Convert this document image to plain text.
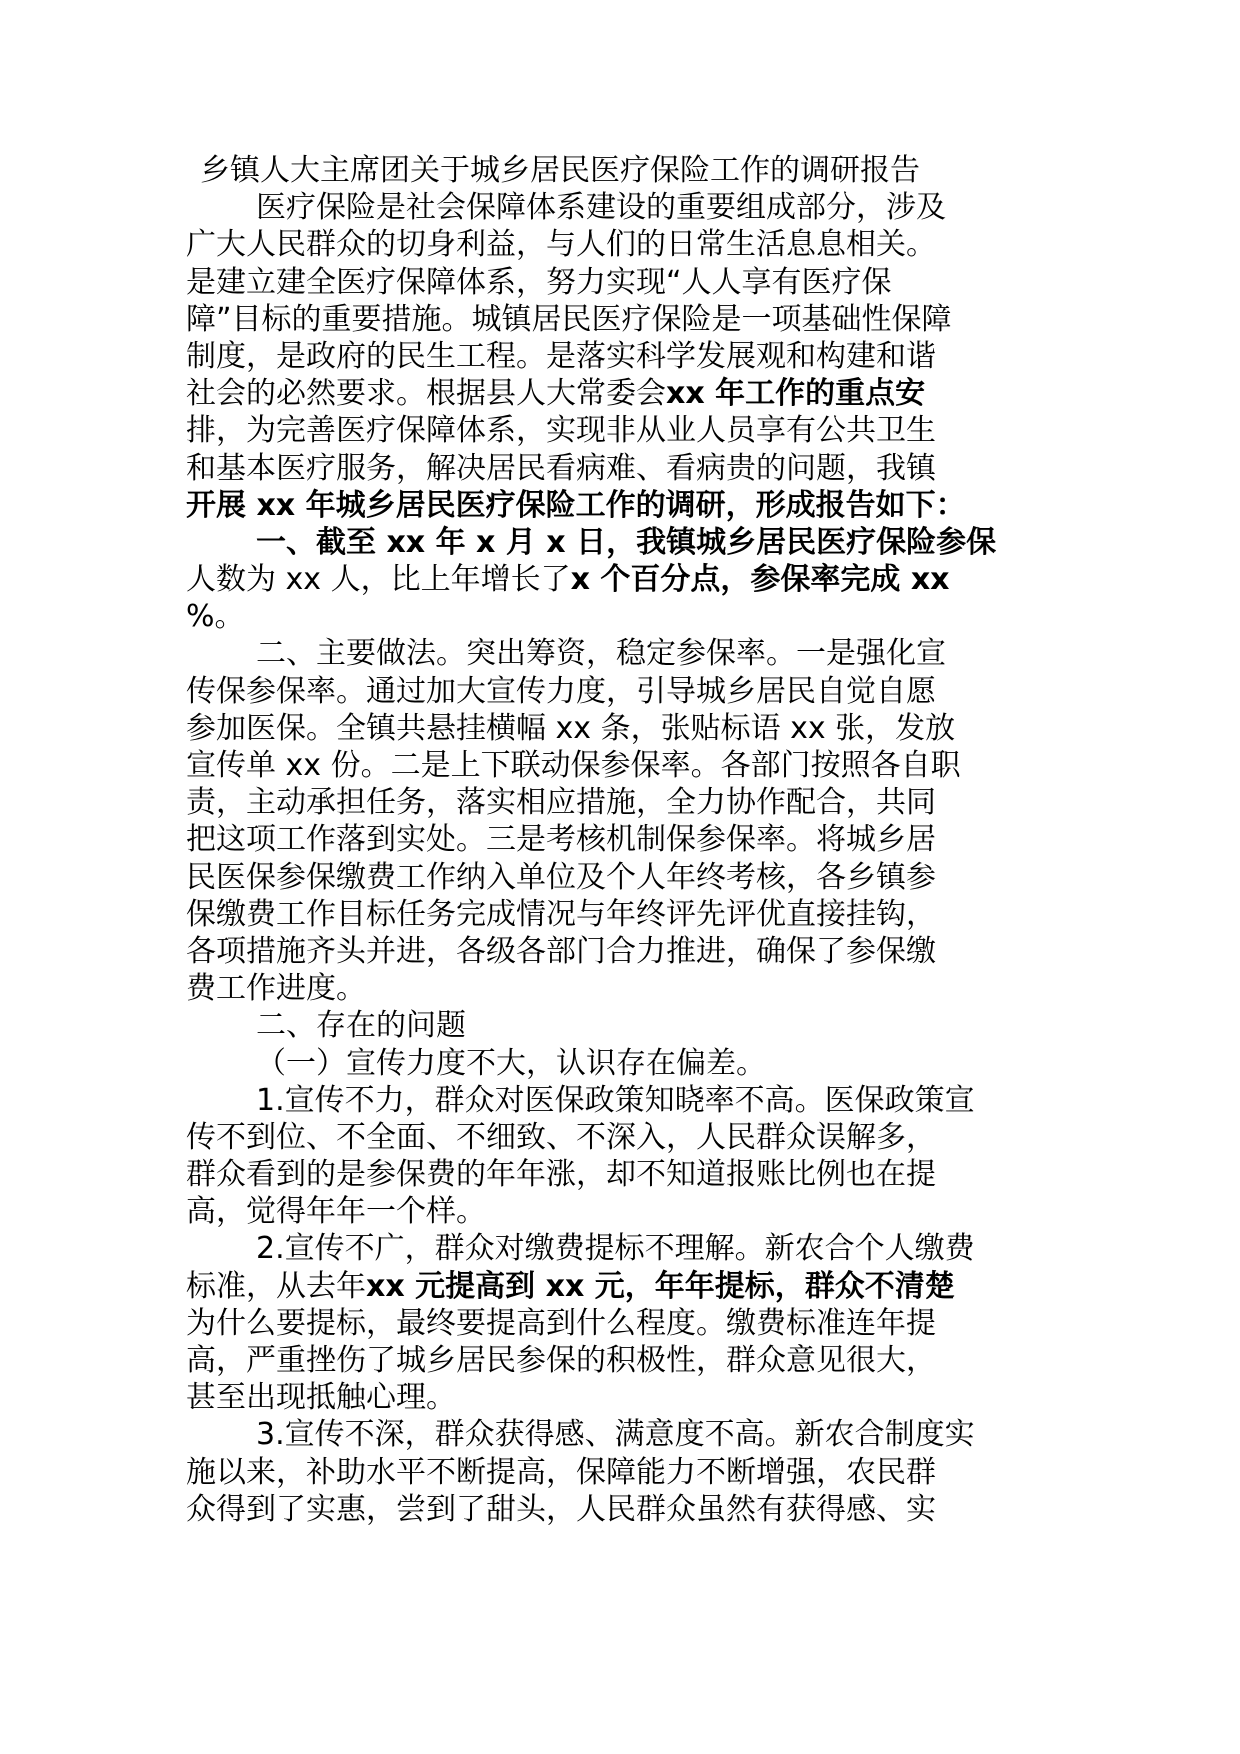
乡镇人大主席团关于城乡居民医疗保险工作的调研报告
医疗保险是社会保障体系建设的重要组成部分，涉及
广大人民群众的切身利益，与人们的日常生活息息相关。
是建立建全医疗保障体系，努力实现“人人享有医疗保
障”目标的重要措施。城镇居民医疗保险是一项基础性保障
制度，是政府的民生工程。是落实科学发展观和构建和谐
社会的必然要求。根据县人大常委会xx 年工作的重点安
排，为完善医疗保障体系，实现非从业人员享有公共卫生
和基本医疗服务，解决居民看病难、看病贵的问题，我镇
开展 xx 年城乡居民医疗保险工作的调研，形成报告如下：
一、截至 xx 年 x 月 x 日，我镇城乡居民医疗保险参保
人数为 xx 人，比上年增长了x 个百分点，参保率完成 xx
%。
二、主要做法。突出筹资，稳定参保率。一是强化宣
传保参保率。通过加大宣传力度，引导城乡居民自觉自愿
参加医保。全镇共悬挂横幅 xx 条，张贴标语 xx 张，发放
宣传单 xx 份。二是上下联动保参保率。各部门按照各自职
责，主动承担任务，落实相应措施，全力协作配合，共同
把这项工作落到实处。三是考核机制保参保率。将城乡居
民医保参保缴费工作纳入单位及个人年终考核，各乡镇参
保缴费工作目标任务完成情况与年终评先评优直接挂钩，
各项措施齐头并进，各级各部门合力推进，确保了参保缴
费工作进度。
二、存在的问题
（一）宣传力度不大，认识存在偏差。
1.宣传不力，群众对医保政策知晓率不高。医保政策宣
传不到位、不全面、不细致、不深入，人民群众误解多，
群众看到的是参保费的年年涨，却不知道报账比例也在提
高，觉得年年一个样。
2.宣传不广，群众对缴费提标不理解。新农合个人缴费
标准，从去年xx 元提高到 xx 元，年年提标，群众不清楚
为什么要提标，最终要提高到什么程度。缴费标准连年提
高，严重挫伤了城乡居民参保的积极性，群众意见很大，
甚至出现抵触心理。
3.宣传不深，群众获得感、满意度不高。新农合制度实
施以来，补助水平不断提高，保障能力不断增强，农民群
众得到了实惠，尝到了甜头，人民群众虽然有获得感、实
